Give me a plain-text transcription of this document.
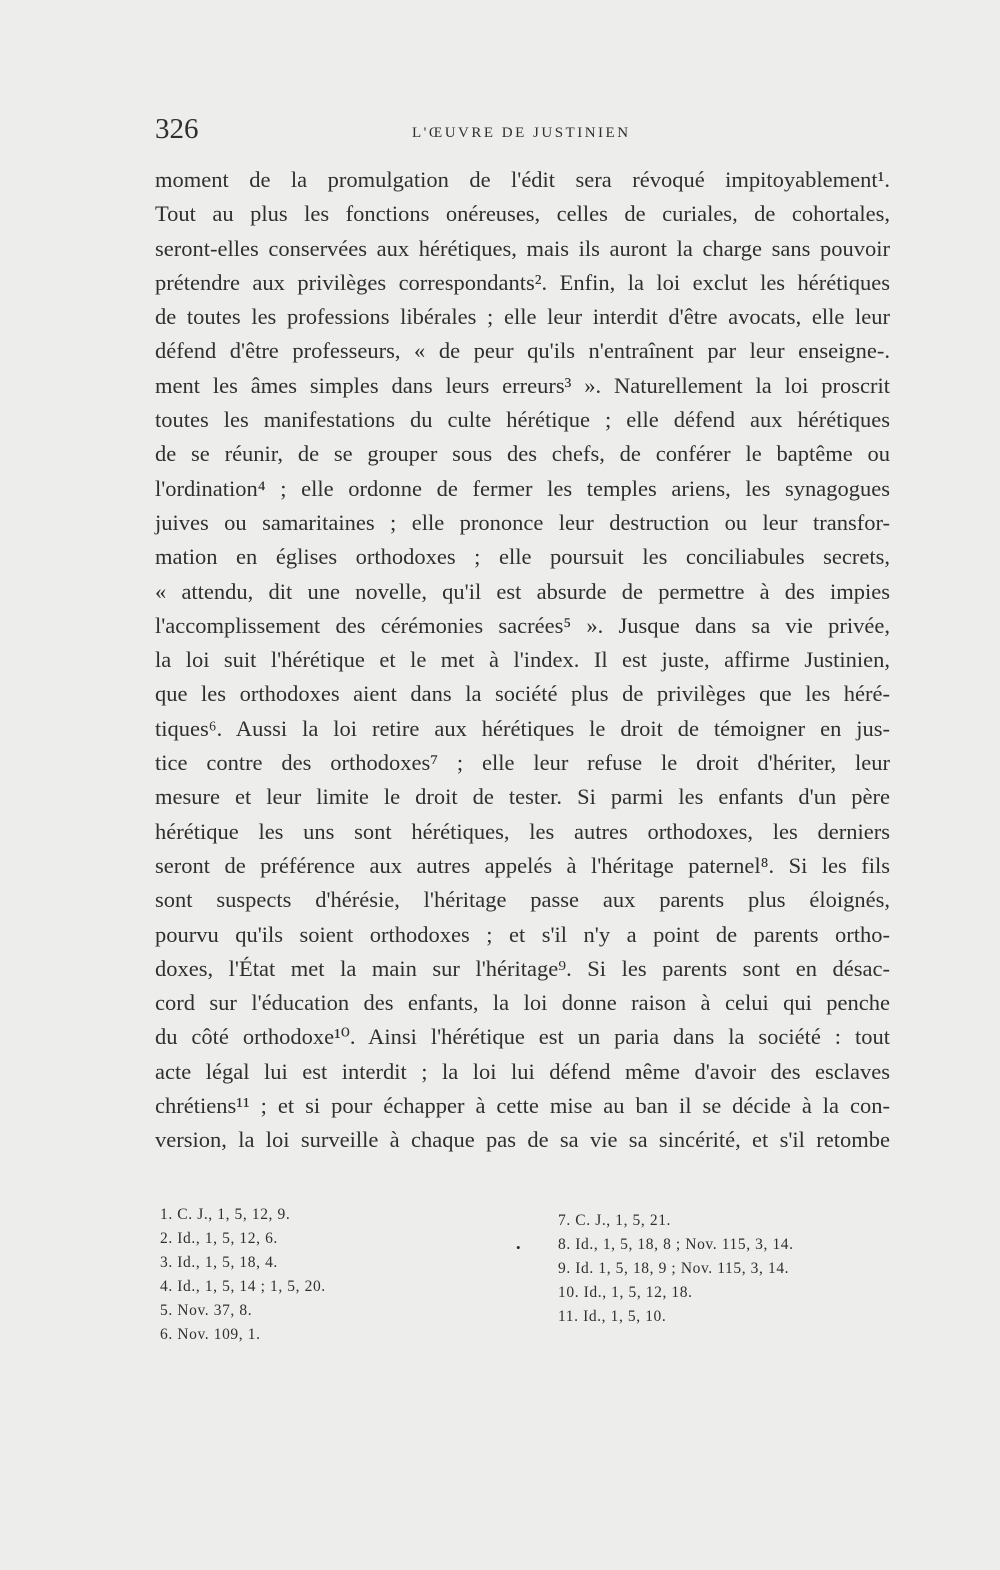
326	L'ŒUVRE DE JUSTINIEN
moment de la promulgation de l'édit sera révoqué impitoyablement¹.
Tout au plus les fonctions onéreuses, celles de curiales, de cohortales,
seront-elles conservées aux hérétiques, mais ils auront la charge sans pouvoir
prétendre aux privilèges correspondants². Enfin, la loi exclut les hérétiques
de toutes les professions libérales ; elle leur interdit d'être avocats, elle leur
défend d'être professeurs, « de peur qu'ils n'entraînent par leur enseigne-.
ment les âmes simples dans leurs erreurs³ ». Naturellement la loi proscrit
toutes les manifestations du culte hérétique ; elle défend aux hérétiques
de se réunir, de se grouper sous des chefs, de conférer le baptême ou
l'ordination⁴ ; elle ordonne de fermer les temples ariens, les synagogues
juives ou samaritaines ; elle prononce leur destruction ou leur transfor-
mation en églises orthodoxes ; elle poursuit les conciliabules secrets,
« attendu, dit une novelle, qu'il est absurde de permettre à des impies
l'accomplissement des cérémonies sacrées⁵ ». Jusque dans sa vie privée,
la loi suit l'hérétique et le met à l'index. Il est juste, affirme Justinien,
que les orthodoxes aient dans la société plus de privilèges que les héré-
tiques⁶. Aussi la loi retire aux hérétiques le droit de témoigner en jus-
tice contre des orthodoxes⁷ ; elle leur refuse le droit d'hériter, leur
mesure et leur limite le droit de tester. Si parmi les enfants d'un père
hérétique les uns sont hérétiques, les autres orthodoxes, les derniers
seront de préférence aux autres appelés à l'héritage paternel⁸. Si les fils
sont suspects d'hérésie, l'héritage passe aux parents plus éloignés,
pourvu qu'ils soient orthodoxes ; et s'il n'y a point de parents ortho-
doxes, l'État met la main sur l'héritage⁹. Si les parents sont en désac-
cord sur l'éducation des enfants, la loi donne raison à celui qui penche
du côté orthodoxe¹⁰. Ainsi l'hérétique est un paria dans la société : tout
acte légal lui est interdit ; la loi lui défend même d'avoir des esclaves
chrétiens¹¹ ; et si pour échapper à cette mise au ban il se décide à la con-
version, la loi surveille à chaque pas de sa vie sa sincérité, et s'il retombe
1. C. J., 1, 5, 12, 9.
2. Id., 1, 5, 12, 6.
3. Id., 1, 5, 18, 4.
4. Id., 1, 5, 14 ; 1, 5, 20.
5. Nov. 37, 8.
6. Nov. 109, 1.
•
7. C. J., 1, 5, 21.
8. Id., 1, 5, 18, 8 ; Nov. 115, 3, 14.
9. Id. 1, 5, 18, 9 ; Nov. 115, 3, 14.
10. Id., 1, 5, 12, 18.
11. Id., 1, 5, 10.
